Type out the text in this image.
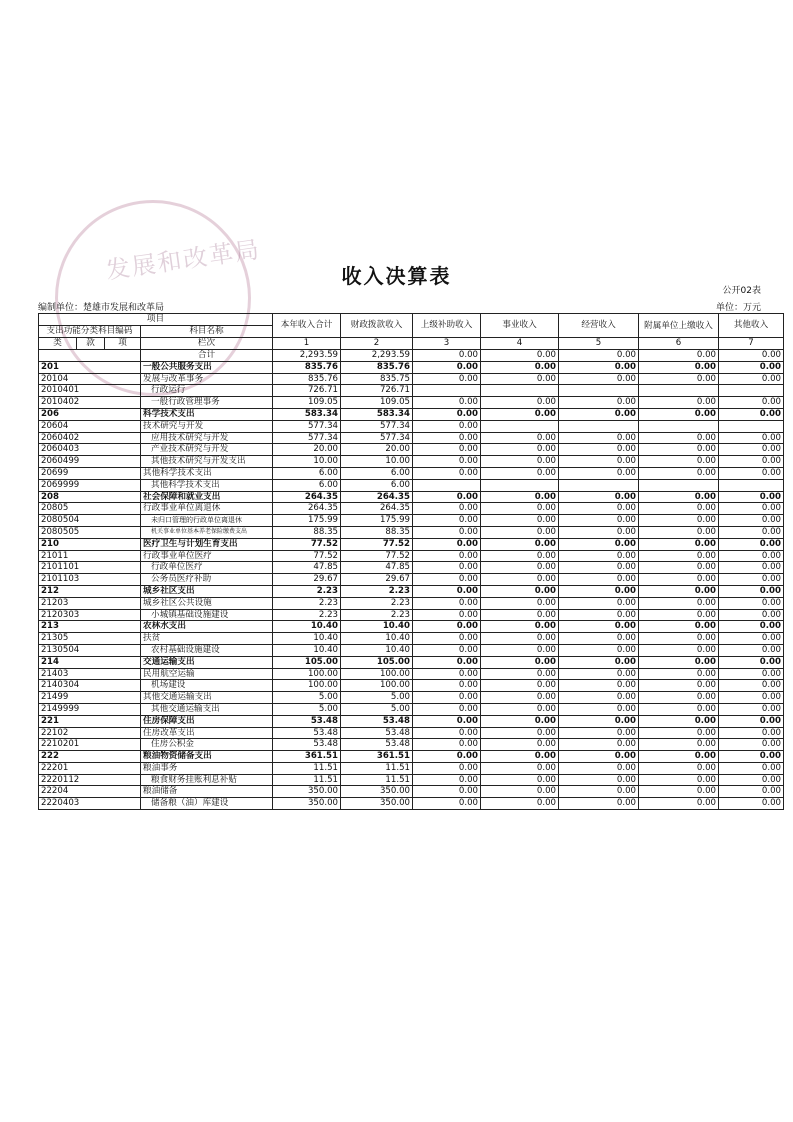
发展和改革局	收入决算表
公开02表
编制单位：楚雄市发展和改革局	单位：万元
项目				本年收入合计	财政拨款收入	上级补助收入	事业收入	经营收入	附属单位上缴收入	其他收入
支出功能分类科目编码			科目名称							

类	款	项	栏次	1	2	3	4	5	6	7
			合计	2,293.59	2,293.59	0.00	0.00	0.00	0.00	0.00
201			一般公共服务支出	835.76	835.76	0.00	0.00	0.00	0.00	0.00
20104			发展与改革事务	835.76	835.75	0.00	0.00	0.00	0.00	0.00
2010401			行政运行	726.71	726.71					
2010402			一般行政管理事务	109.05	109.05	0.00	0.00	0.00	0.00	0.00
206			科学技术支出	583.34	583.34	0.00	0.00	0.00	0.00	0.00
20604			技术研究与开发	577.34	577.34	0.00				
2060402			应用技术研究与开发	577.34	577.34	0.00	0.00	0.00	0.00	0.00
2060403			产业技术研究与开发	20.00	20.00	0.00	0.00	0.00	0.00	0.00
2060499			其他技术研究与开发支出	10.00	10.00	0.00	0.00	0.00	0.00	0.00
20699			其他科学技术支出	6.00	6.00	0.00	0.00	0.00	0.00	0.00
2069999			其他科学技术支出	6.00	6.00					
208			社会保障和就业支出	264.35	264.35	0.00	0.00	0.00	0.00	0.00
20805			行政事业单位离退休	264.35	264.35	0.00	0.00	0.00	0.00	0.00
2080504			未归口管理的行政单位离退休	175.99	175.99	0.00	0.00	0.00	0.00	0.00
2080505			机关事业单位基本养老保险缴费支出	88.35	88.35	0.00	0.00	0.00	0.00	0.00
210			医疗卫生与计划生育支出	77.52	77.52	0.00	0.00	0.00	0.00	0.00
21011			行政事业单位医疗	77.52	77.52	0.00	0.00	0.00	0.00	0.00
2101101			行政单位医疗	47.85	47.85	0.00	0.00	0.00	0.00	0.00
2101103			公务员医疗补助	29.67	29.67	0.00	0.00	0.00	0.00	0.00
212			城乡社区支出	2.23	2.23	0.00	0.00	0.00	0.00	0.00
21203			城乡社区公共设施	2.23	2.23	0.00	0.00	0.00	0.00	0.00
2120303			小城镇基础设施建设	2.23	2.23	0.00	0.00	0.00	0.00	0.00
213			农林水支出	10.40	10.40	0.00	0.00	0.00	0.00	0.00
21305			扶贫	10.40	10.40	0.00	0.00	0.00	0.00	0.00
2130504			农村基础设施建设	10.40	10.40	0.00	0.00	0.00	0.00	0.00
214			交通运输支出	105.00	105.00	0.00	0.00	0.00	0.00	0.00
21403			民用航空运输	100.00	100.00	0.00	0.00	0.00	0.00	0.00
2140304			机场建设	100.00	100.00	0.00	0.00	0.00	0.00	0.00
21499			其他交通运输支出	5.00	5.00	0.00	0.00	0.00	0.00	0.00
2149999			其他交通运输支出	5.00	5.00	0.00	0.00	0.00	0.00	0.00
221			住房保障支出	53.48	53.48	0.00	0.00	0.00	0.00	0.00
22102			住房改革支出	53.48	53.48	0.00	0.00	0.00	0.00	0.00
2210201			住房公积金	53.48	53.48	0.00	0.00	0.00	0.00	0.00
222			粮油物资储备支出	361.51	361.51	0.00	0.00	0.00	0.00	0.00
22201			粮油事务	11.51	11.51	0.00	0.00	0.00	0.00	0.00
2220112			粮食财务挂账利息补贴	11.51	11.51	0.00	0.00	0.00	0.00	0.00
22204			粮油储备	350.00	350.00	0.00	0.00	0.00	0.00	0.00
2220403			储备粮（油）库建设	350.00	350.00	0.00	0.00	0.00	0.00	0.00
